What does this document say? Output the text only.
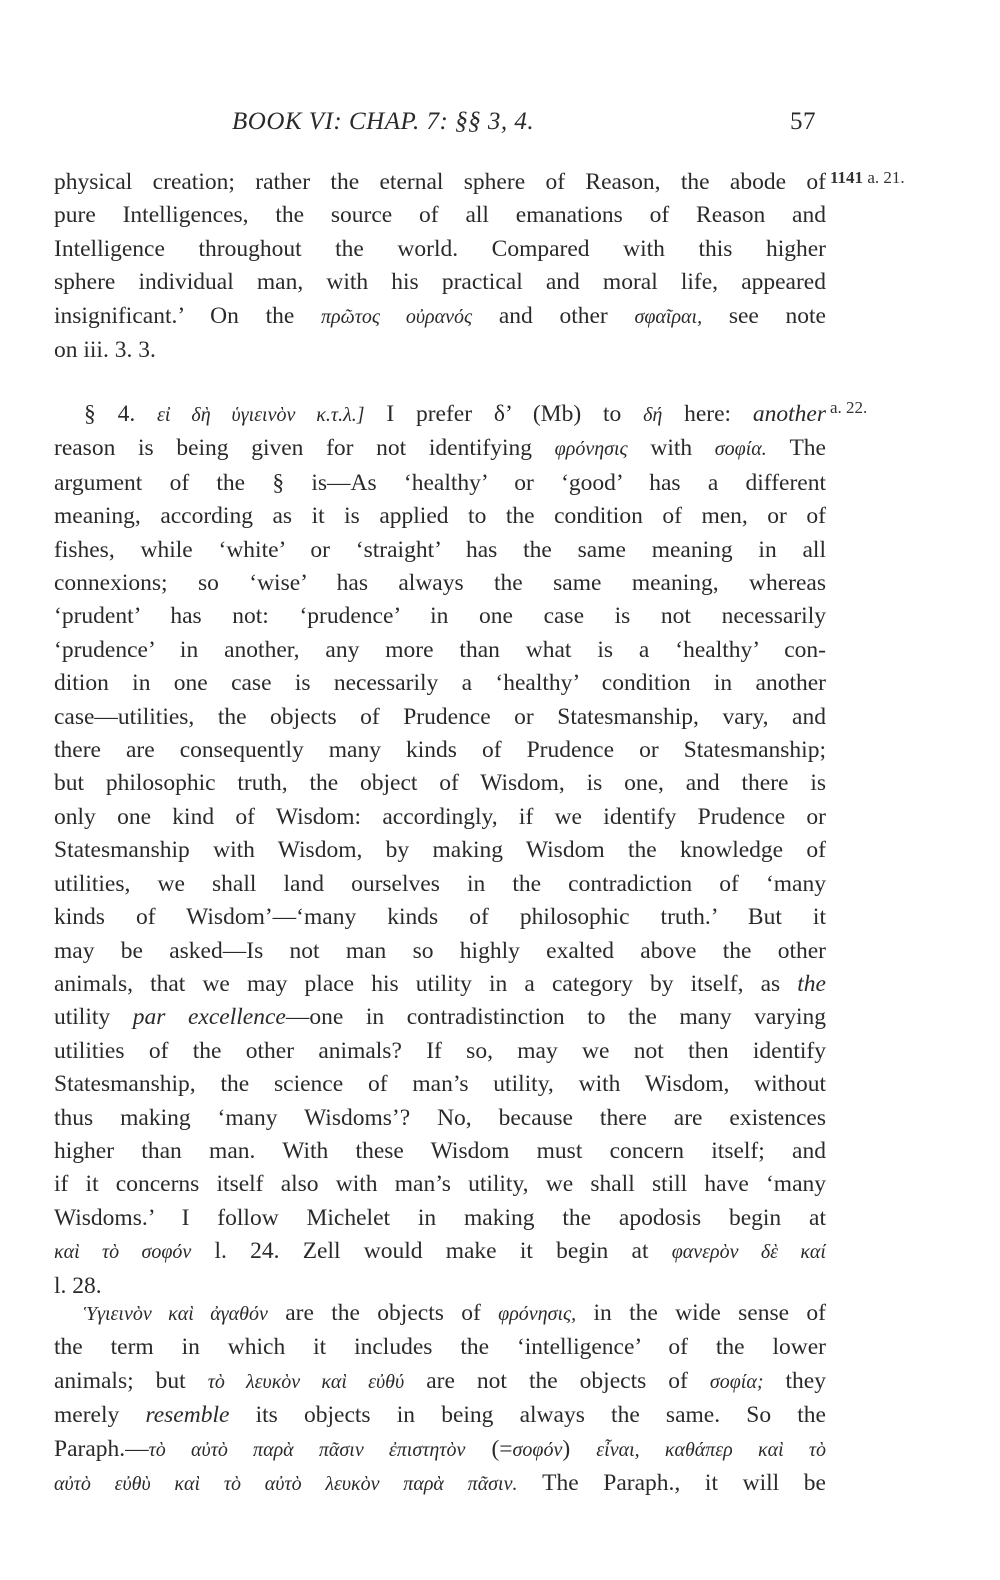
BOOK VI: CHAP. 7: §§ 3, 4.	57
1141 a. 21.
a. 22.
physical creation; rather the eternal sphere of Reason, the abode of
pure Intelligences, the source of all emanations of Reason and
Intelligence throughout the world. Compared with this higher
sphere individual man, with his practical and moral life, appeared
insignificant.’ On the πρῶτος οὐρανός and other σφαῖραι, see note
on iii. 3. 3.
§ 4. εἰ δὴ ὑγιεινὸν κ.τ.λ.] I prefer δ’ (Mb) to δή here: another
reason is being given for not identifying φρόνησις with σοφία. The
argument of the § is—As ‘healthy’ or ‘good’ has a different
meaning, according as it is applied to the condition of men, or of
fishes, while ‘white’ or ‘straight’ has the same meaning in all
connexions; so ‘wise’ has always the same meaning, whereas
‘prudent’ has not: ‘prudence’ in one case is not necessarily
‘prudence’ in another, any more than what is a ‘healthy’ con-
dition in one case is necessarily a ‘healthy’ condition in another
case—utilities, the objects of Prudence or Statesmanship, vary, and
there are consequently many kinds of Prudence or Statesmanship;
but philosophic truth, the object of Wisdom, is one, and there is
only one kind of Wisdom: accordingly, if we identify Prudence or
Statesmanship with Wisdom, by making Wisdom the knowledge of
utilities, we shall land ourselves in the contradiction of ‘many
kinds of Wisdom’—‘many kinds of philosophic truth.’ But it
may be asked—Is not man so highly exalted above the other
animals, that we may place his utility in a category by itself, as the
utility par excellence—one in contradistinction to the many varying
utilities of the other animals? If so, may we not then identify
Statesmanship, the science of man’s utility, with Wisdom, without
thus making ‘many Wisdoms’? No, because there are existences
higher than man. With these Wisdom must concern itself; and
if it concerns itself also with man’s utility, we shall still have ‘many
Wisdoms.’ I follow Michelet in making the apodosis begin at
καὶ τὸ σοφόν l. 24. Zell would make it begin at φανερὸν δὲ καί
l. 28.
Ὑγιεινὸν καὶ ἀγαθόν are the objects of φρόνησις, in the wide sense of
the term in which it includes the ‘intelligence’ of the lower
animals; but τὸ λευκὸν καὶ εὐθύ are not the objects of σοφία; they
merely resemble its objects in being always the same. So the
Paraph.—τὸ αὐτὸ παρὰ πᾶσιν ἐπιστητὸν (=σοφόν) εἶναι, καθάπερ καὶ τὸ
αὐτὸ εὐθὺ καὶ τὸ αὐτὸ λευκὸν παρὰ πᾶσιν. The Paraph., it will be
